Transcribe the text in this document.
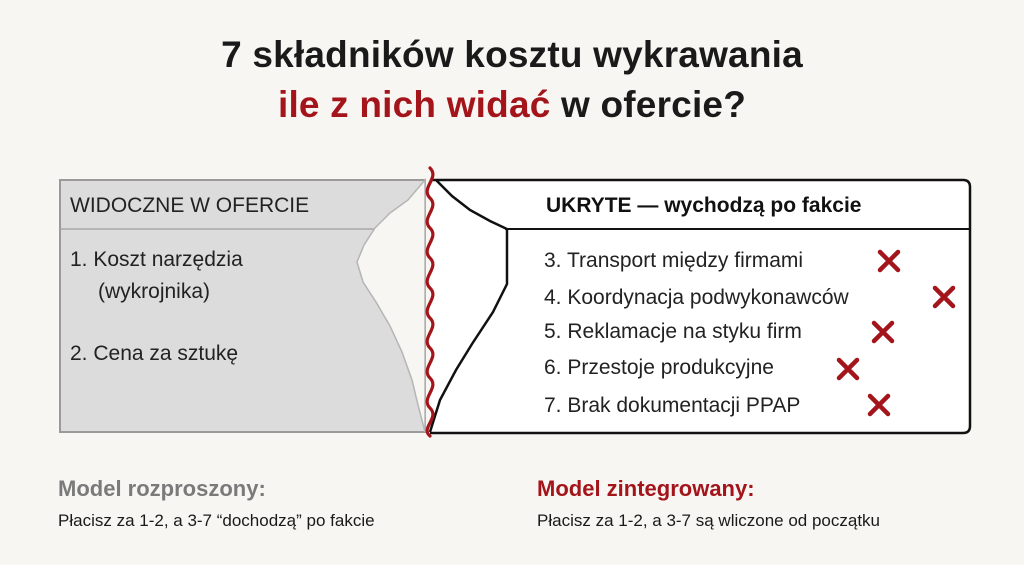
7 składników kosztu wykrawania
ile z nich widać w ofercie?
WIDOCZNE W OFERCIE	UKRYTE — wychodzą po fakcie
1. Koszt narzędzia
(wykrojnika)
2. Cena za sztukę
3. Transport między firmami
4. Koordynacja podwykonawców
5. Reklamacje na styku firm
6. Przestoje produkcyjne
7. Brak dokumentacji PPAP
Model rozproszony:
Płacisz za 1-2, a 3-7 “dochodzą” po fakcie
Model zintegrowany:
Płacisz za 1-2, a 3-7 są wliczone od początku
